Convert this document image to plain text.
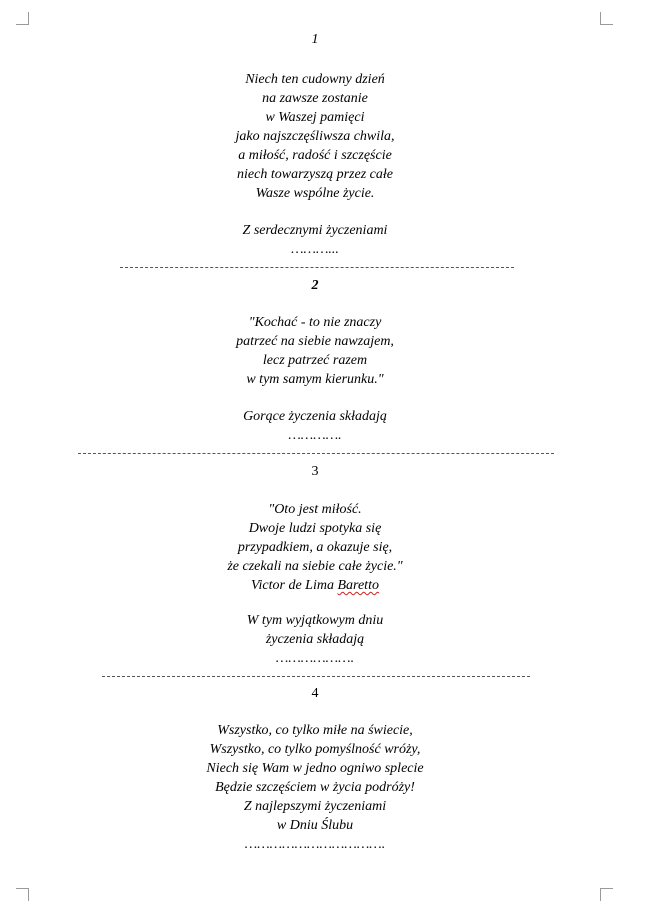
1
Niech ten cudowny dzień
na zawsze zostanie
w Waszej pamięci
jako najszczęśliwsza chwila,
a miłość, radość i szczęście
niech towarzyszą przez całe
Wasze wspólne życie.
Z serdecznymi życzeniami
………...
2
"Kochać - to nie znaczy
patrzeć na siebie nawzajem,
lecz patrzeć razem
w tym samym kierunku."
Gorące życzenia składają
………….
3
"Oto jest miłość.
Dwoje ludzi spotyka się
przypadkiem, a okazuje się,
że czekali na siebie całe życie."
Victor de Lima Baretto
W tym wyjątkowym dniu
życzenia składają
……………….
4
Wszystko, co tylko miłe na świecie,
Wszystko, co tylko pomyślność wróży,
Niech się Wam w jedno ogniwo splecie
Będzie szczęściem w życia podróży!
Z najlepszymi życzeniami
w Dniu Ślubu
…………………………….
